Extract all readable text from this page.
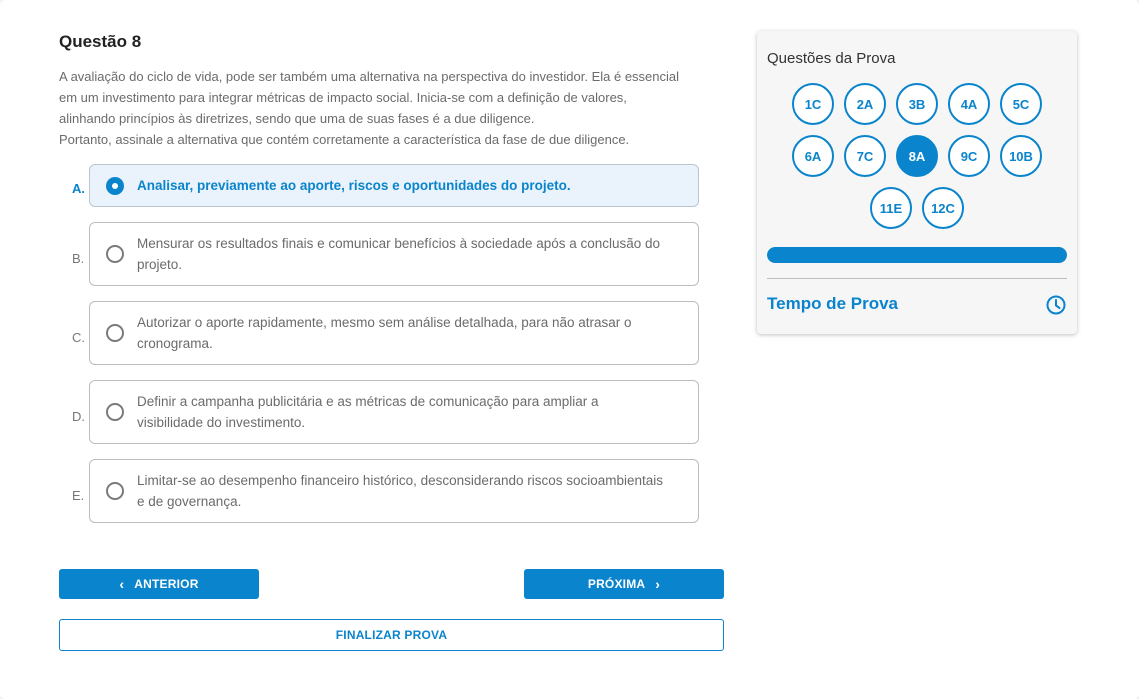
Questão 8
A avaliação do ciclo de vida, pode ser também uma alternativa na perspectiva do investidor. Ela é essencial
em um investimento para integrar métricas de impacto social. Inicia-se com a definição de valores,
alinhando princípios às diretrizes, sendo que uma de suas fases é a due diligence.
Portanto, assinale a alternativa que contém corretamente a característica da fase de due diligence.
A.	Analisar, previamente ao aporte, riscos e oportunidades do projeto.
B.
Mensurar os resultados finais e comunicar benefícios à sociedade após a conclusão do
projeto.
C.
Autorizar o aporte rapidamente, mesmo sem análise detalhada, para não atrasar o
cronograma.
D.
Definir a campanha publicitária e as métricas de comunicação para ampliar a
visibilidade do investimento.
E.
Limitar-se ao desempenho financeiro histórico, desconsiderando riscos socioambientais
e de governança.
‹ ANTERIOR	PRÓXIMA ›
FINALIZAR PROVA
Questões da Prova
1C	2A	3B	4A	5C
6A	7C	8A	9C	10B
11E	12C
Tempo de Prova
